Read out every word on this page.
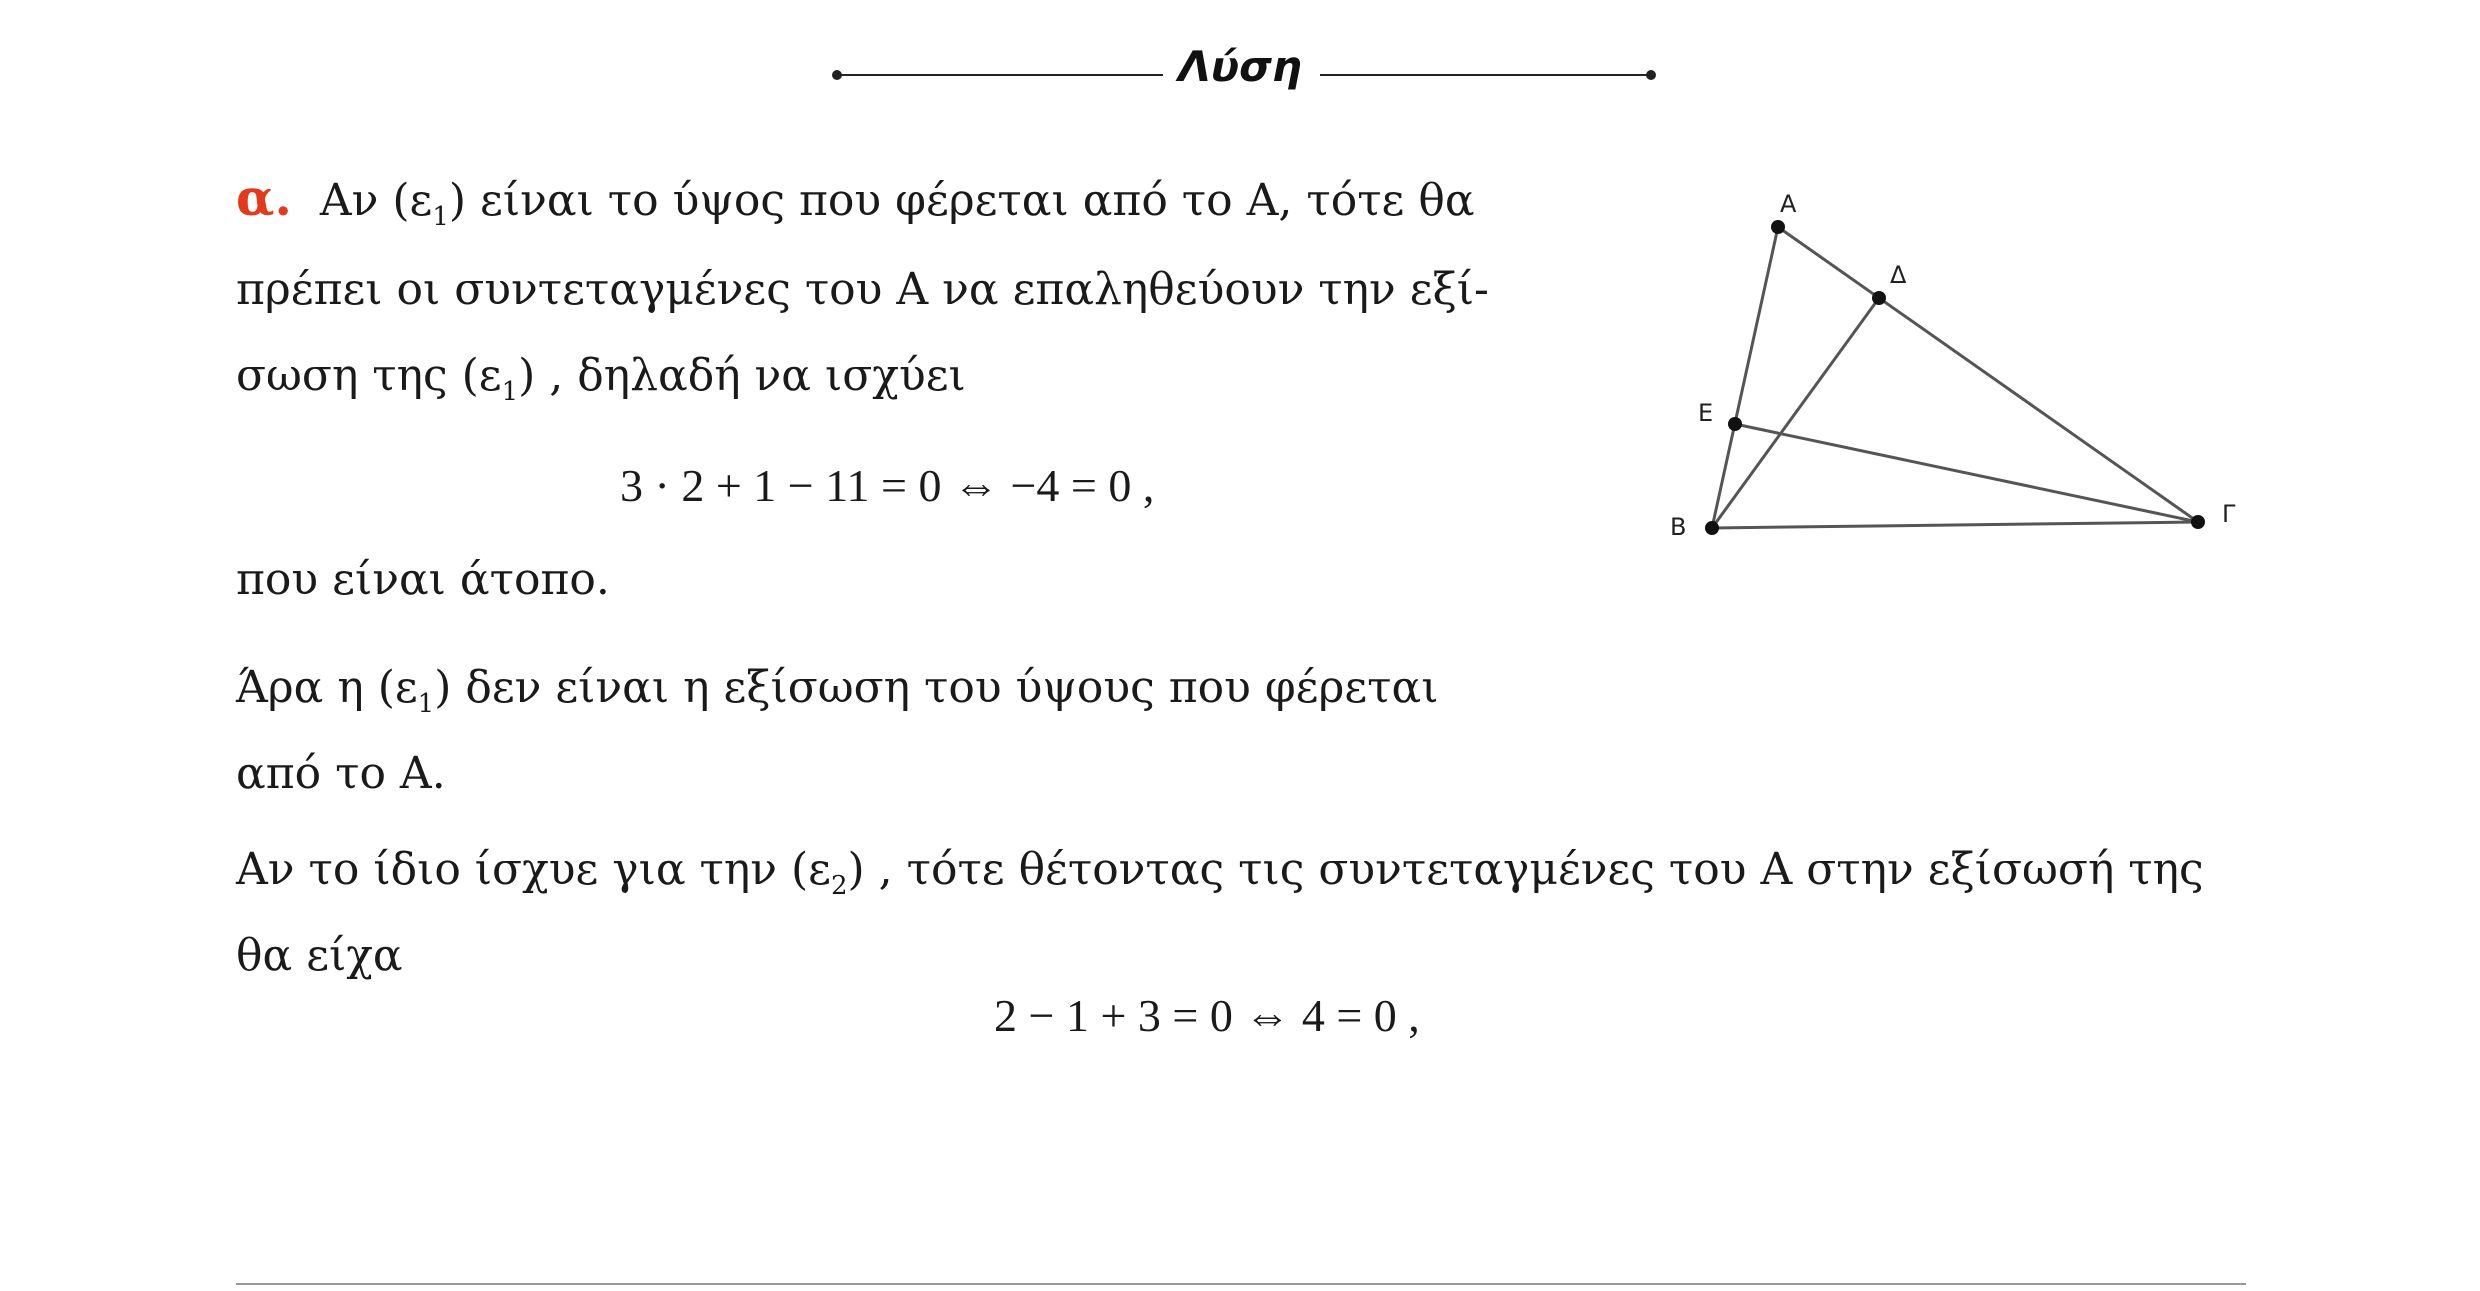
Λύση
α. Αν $(\varepsilon_1)$ είναι το ύψος που φέρεται από το Α, τότε θα
πρέπει οι συντεταγμένες του Α να επαληθεύουν την εξί-
σωση της $(\varepsilon_1)$ , δηλαδή να ισχύει
3 · 2 + 1 − 11 = 0 ⇔ −4 = 0 ,
που είναι άτοπο.
Άρα η $(\varepsilon_1)$ δεν είναι η εξίσωση του ύψους που φέρεται
από το Α.
Αν το ίδιο ίσχυε για την $(\varepsilon_2)$ , τότε θέτοντας τις συντεταγμένες του Α στην εξίσωσή της
θα είχα
2 − 1 + 3 = 0 ⇔ 4 = 0 ,
Α
Δ
Ε
Β	Γ
